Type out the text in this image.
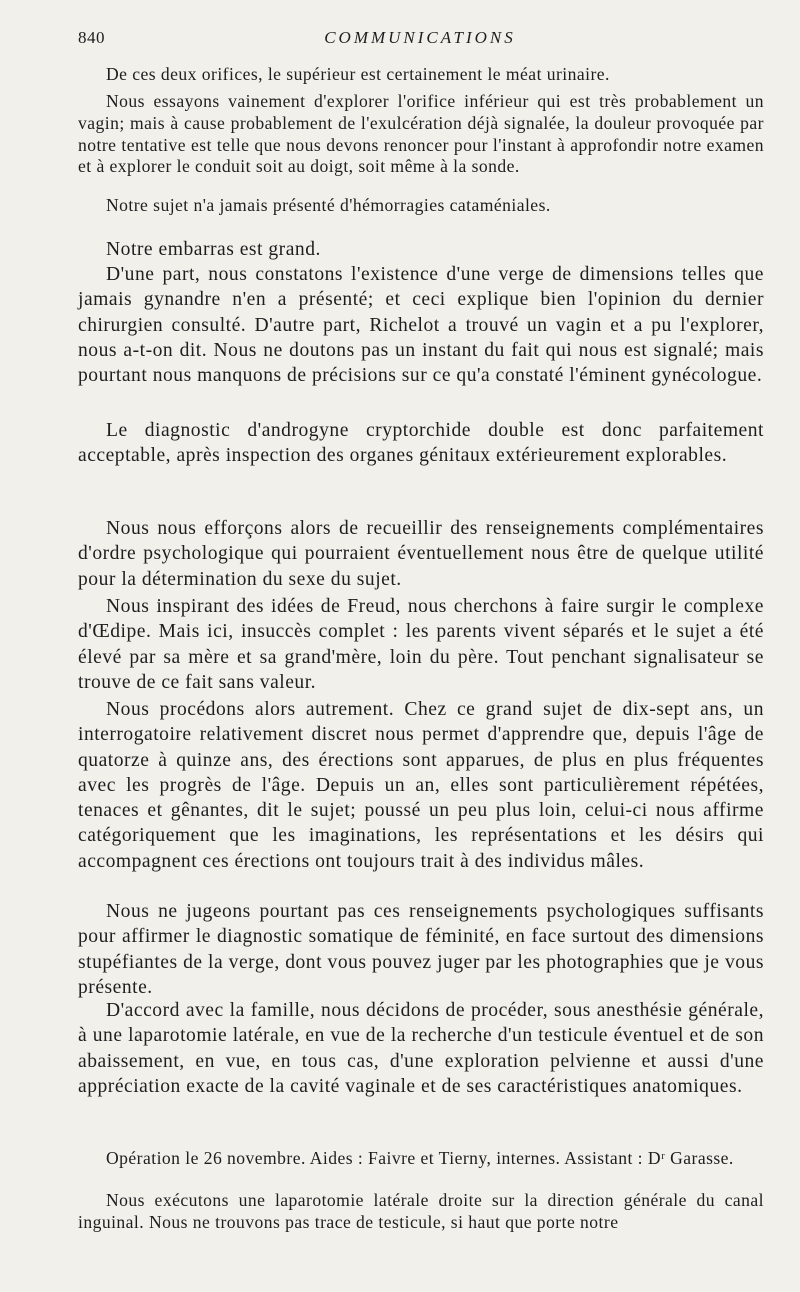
840	COMMUNICATIONS

De ces deux orifices, le supérieur est certainement le méat urinaire.

Nous essayons vainement d'explorer l'orifice inférieur qui est très probablement un vagin; mais à cause probablement de l'exulcération déjà signalée, la douleur provoquée par notre tentative est telle que nous devons renoncer pour l'instant à approfondir notre examen et à explorer le conduit soit au doigt, soit même à la sonde.

Notre sujet n'a jamais présenté d'hémorragies cataméniales.

Notre embarras est grand.

D'une part, nous constatons l'existence d'une verge de dimensions telles que jamais gynandre n'en a présenté; et ceci explique bien l'opinion du dernier chirurgien consulté. D'autre part, Richelot a trouvé un vagin et a pu l'explorer, nous a-t-on dit. Nous ne doutons pas un instant du fait qui nous est signalé; mais pourtant nous manquons de précisions sur ce qu'a constaté l'éminent gynécologue.

Le diagnostic d'androgyne cryptorchide double est donc parfaitement acceptable, après inspection des organes génitaux extérieurement explorables.

Nous nous efforçons alors de recueillir des renseignements complémentaires d'ordre psychologique qui pourraient éventuellement nous être de quelque utilité pour la détermination du sexe du sujet.

Nous inspirant des idées de Freud, nous cherchons à faire surgir le complexe d'Œdipe. Mais ici, insuccès complet : les parents vivent séparés et le sujet a été élevé par sa mère et sa grand'mère, loin du père. Tout penchant signalisateur se trouve de ce fait sans valeur.

Nous procédons alors autrement. Chez ce grand sujet de dix-sept ans, un interrogatoire relativement discret nous permet d'apprendre que, depuis l'âge de quatorze à quinze ans, des érections sont apparues, de plus en plus fréquentes avec les progrès de l'âge. Depuis un an, elles sont particulièrement répétées, tenaces et gênantes, dit le sujet; poussé un peu plus loin, celui-ci nous affirme catégoriquement que les imaginations, les représentations et les désirs qui accompagnent ces érections ont toujours trait à des individus mâles.

Nous ne jugeons pourtant pas ces renseignements psychologiques suffisants pour affirmer le diagnostic somatique de féminité, en face surtout des dimensions stupéfiantes de la verge, dont vous pouvez juger par les photographies que je vous présente.

D'accord avec la famille, nous décidons de procéder, sous anesthésie générale, à une laparotomie latérale, en vue de la recherche d'un testicule éventuel et de son abaissement, en vue, en tous cas, d'une exploration pelvienne et aussi d'une appréciation exacte de la cavité vaginale et de ses caractéristiques anatomiques.

Opération le 26 novembre. Aides : Faivre et Tierny, internes. Assistant : Dʳ Garasse.

Nous exécutons une laparotomie latérale droite sur la direction générale du canal inguinal. Nous ne trouvons pas trace de testicule, si haut que porte notre
